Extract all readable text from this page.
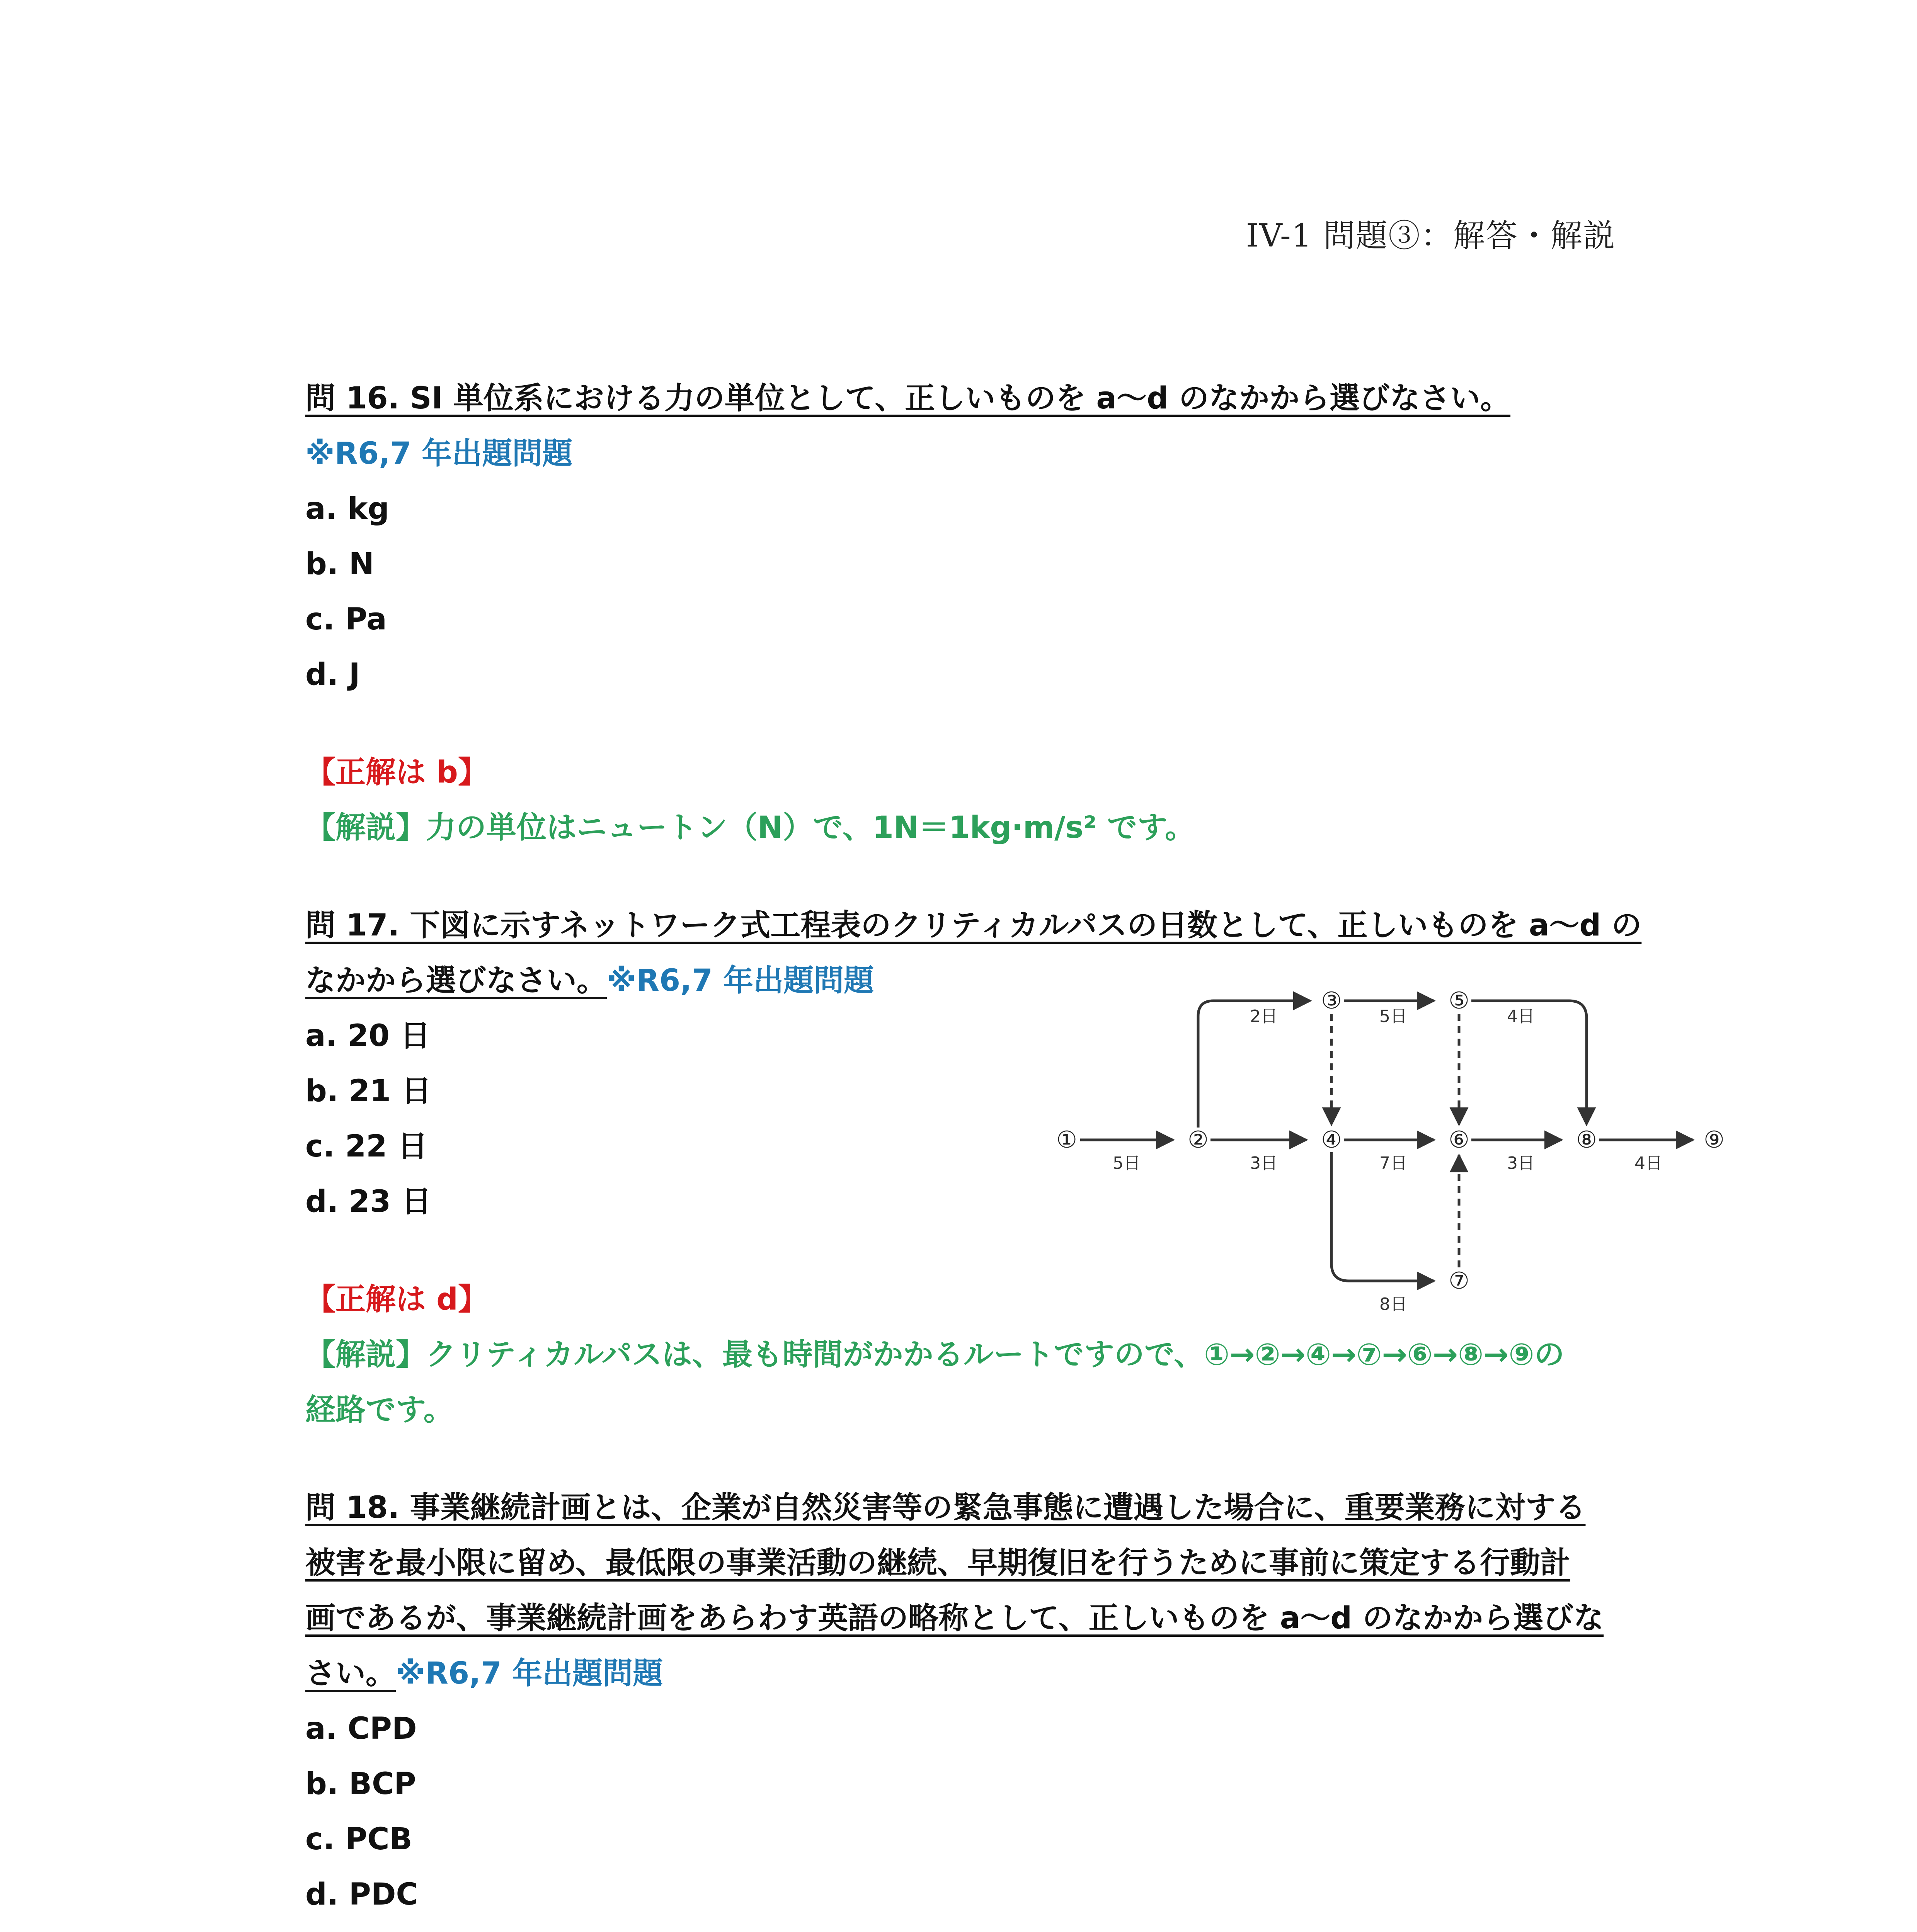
IV-1 問題③：解答・解説
問 16. SI 単位系における力の単位として、正しいものを a～d のなかから選びなさい。
※R6,7 年出題問題
a. kg
b. N
c. Pa
d. J
【正解は b】
【解説】力の単位はニュートン（N）で、1N＝1kg·m/s² です。
問 17. 下図に示すネットワーク式工程表のクリティカルパスの日数として、正しいものを a～d の
なかから選びなさい。※R6,7 年出題問題
a. 20 日
b. 21 日
c. 22 日
d. 23 日
【正解は d】
【解説】クリティカルパスは、最も時間がかかるルートですので、①→②→④→⑦→⑥→⑧→⑨の
経路です。
問 18. 事業継続計画とは、企業が自然災害等の緊急事態に遭遇した場合に、重要業務に対する
被害を最小限に留め、最低限の事業活動の継続、早期復旧を行うために事前に策定する行動計
画であるが、事業継続計画をあらわす英語の略称として、正しいものを a～d のなかから選びな
さい。※R6,7 年出題問題
a. CPD
b. BCP
c. PCB
d. PDC
①	②
③
④
⑤
⑥
⑦
⑧	⑨
5日
2日
3日
5日
7日
4日
3日	4日
8日
